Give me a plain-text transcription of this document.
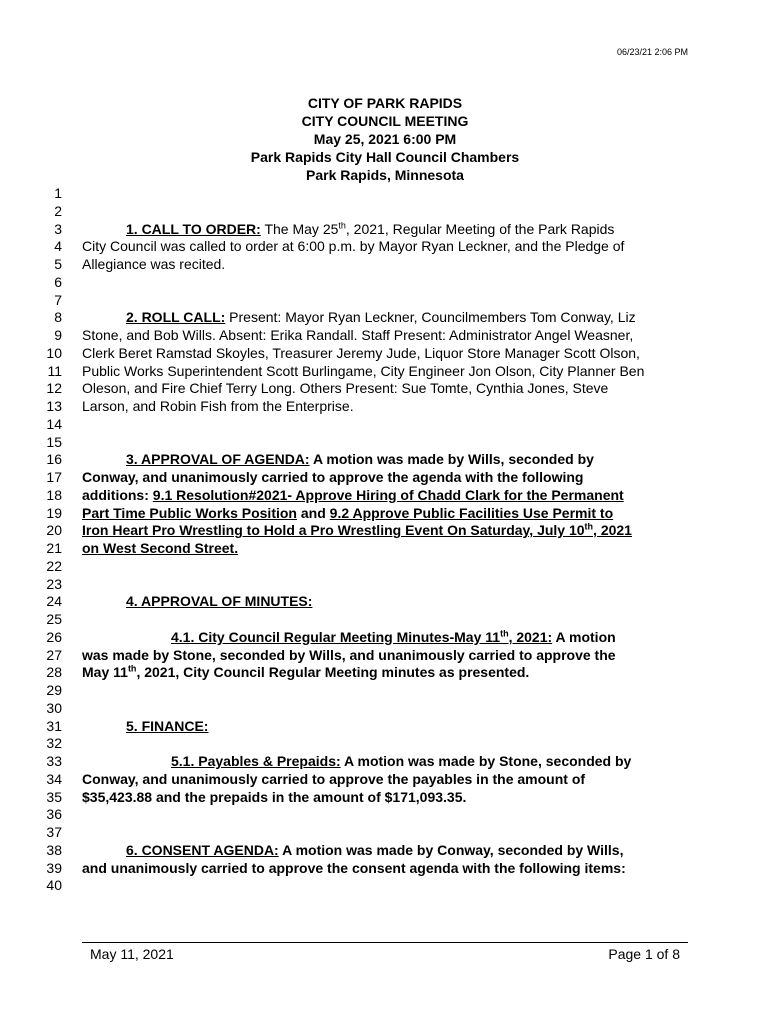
06/23/21 2:06 PM
CITY OF PARK RAPIDS
CITY COUNCIL MEETING
May 25, 2021 6:00 PM
Park Rapids City Hall Council Chambers
Park Rapids, Minnesota
1
2
3
4
5
6
7
8
9
10
11
12
13
14
15
16
17
18
19
20
21
22
23
24
25
26
27
28
29
30
31
32
33
34
35
36
37
38
39
40
1. CALL TO ORDER: The May 25th, 2021, Regular Meeting of the Park Rapids
City Council was called to order at 6:00 p.m. by Mayor Ryan Leckner, and the Pledge of
Allegiance was recited.
2. ROLL CALL: Present: Mayor Ryan Leckner, Councilmembers Tom Conway, Liz
Stone, and Bob Wills. Absent: Erika Randall. Staff Present: Administrator Angel Weasner,
Clerk Beret Ramstad Skoyles, Treasurer Jeremy Jude, Liquor Store Manager Scott Olson,
Public Works Superintendent Scott Burlingame, City Engineer Jon Olson, City Planner Ben
Oleson, and Fire Chief Terry Long. Others Present: Sue Tomte, Cynthia Jones, Steve
Larson, and Robin Fish from the Enterprise.
3. APPROVAL OF AGENDA: A motion was made by Wills, seconded by
Conway, and unanimously carried to approve the agenda with the following
additions: 9.1 Resolution#2021- Approve Hiring of Chadd Clark for the Permanent
Part Time Public Works Position and 9.2 Approve Public Facilities Use Permit to
Iron Heart Pro Wrestling to Hold a Pro Wrestling Event On Saturday, July 10th, 2021
on West Second Street.
4. APPROVAL OF MINUTES:
4.1. City Council Regular Meeting Minutes-May 11th, 2021: A motion
was made by Stone, seconded by Wills, and unanimously carried to approve the
May 11th, 2021, City Council Regular Meeting minutes as presented.
5. FINANCE:
5.1. Payables & Prepaids: A motion was made by Stone, seconded by
Conway, and unanimously carried to approve the payables in the amount of
$35,423.88 and the prepaids in the amount of $171,093.35.
6. CONSENT AGENDA: A motion was made by Conway, seconded by Wills,
and unanimously carried to approve the consent agenda with the following items:
May 11, 2021	Page 1 of 8
